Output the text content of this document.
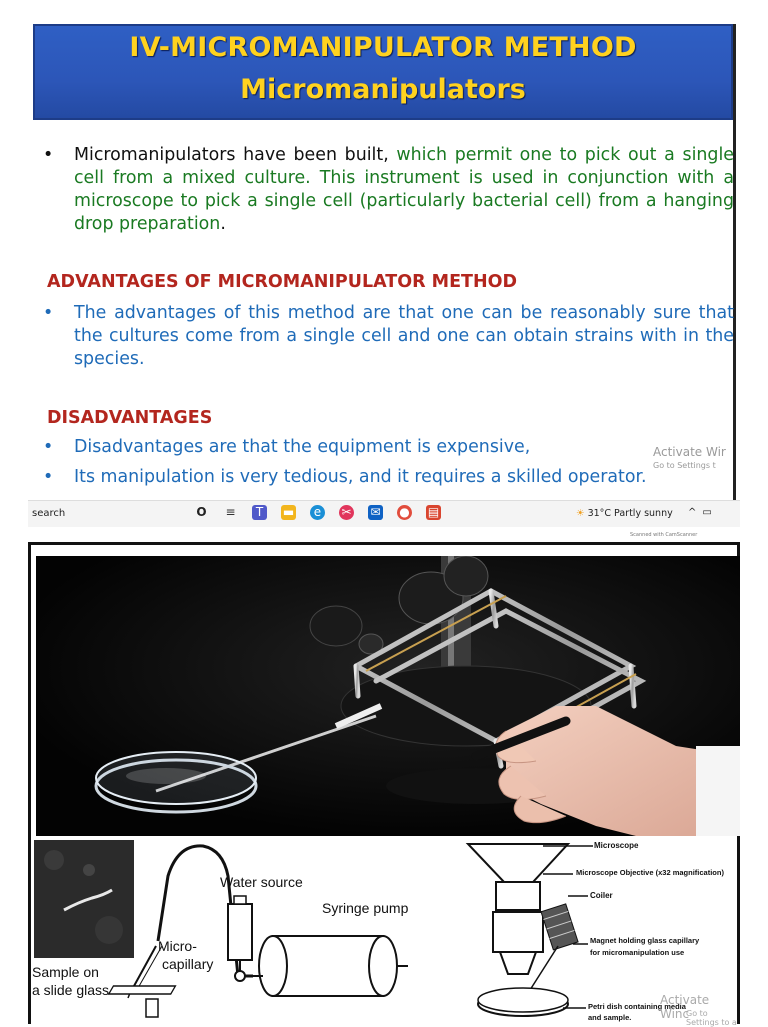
IV-MICROMANIPULATOR METHOD
Micromanipulators
•	Micromanipulators have been built, which permit one to pick out a single cell from a mixed culture. This instrument is used in conjunction with a microscope to pick a single cell (particularly bacterial cell) from a hanging drop preparation.
ADVANTAGES OF MICROMANIPULATOR METHOD
•	The advantages of this method are that one can be reasonably sure that the cultures come from a single cell and one can obtain strains with in the species.
DISADVANTAGES
•	Disadvantages are that the equipment is expensive,
•	Its manipulation is very tedious, and it requires a skilled operator.
Activate Wir
Go to Settings t
search	O ≡	T	▬	e	✂ ✉ ● ▤	☀ 31°C Partly sunny ^▭
Scanned with CamScanner
Water source
Syringe pump
Micro-
capillary
Sample on
a slide glass
Microscope
Microscope Objective (x32 magnification)
Coiler
Magnet holding glass capillary
for micromanipulation use
Petri dish containing media
and sample.
Activate Winc
Go to Settings to a
